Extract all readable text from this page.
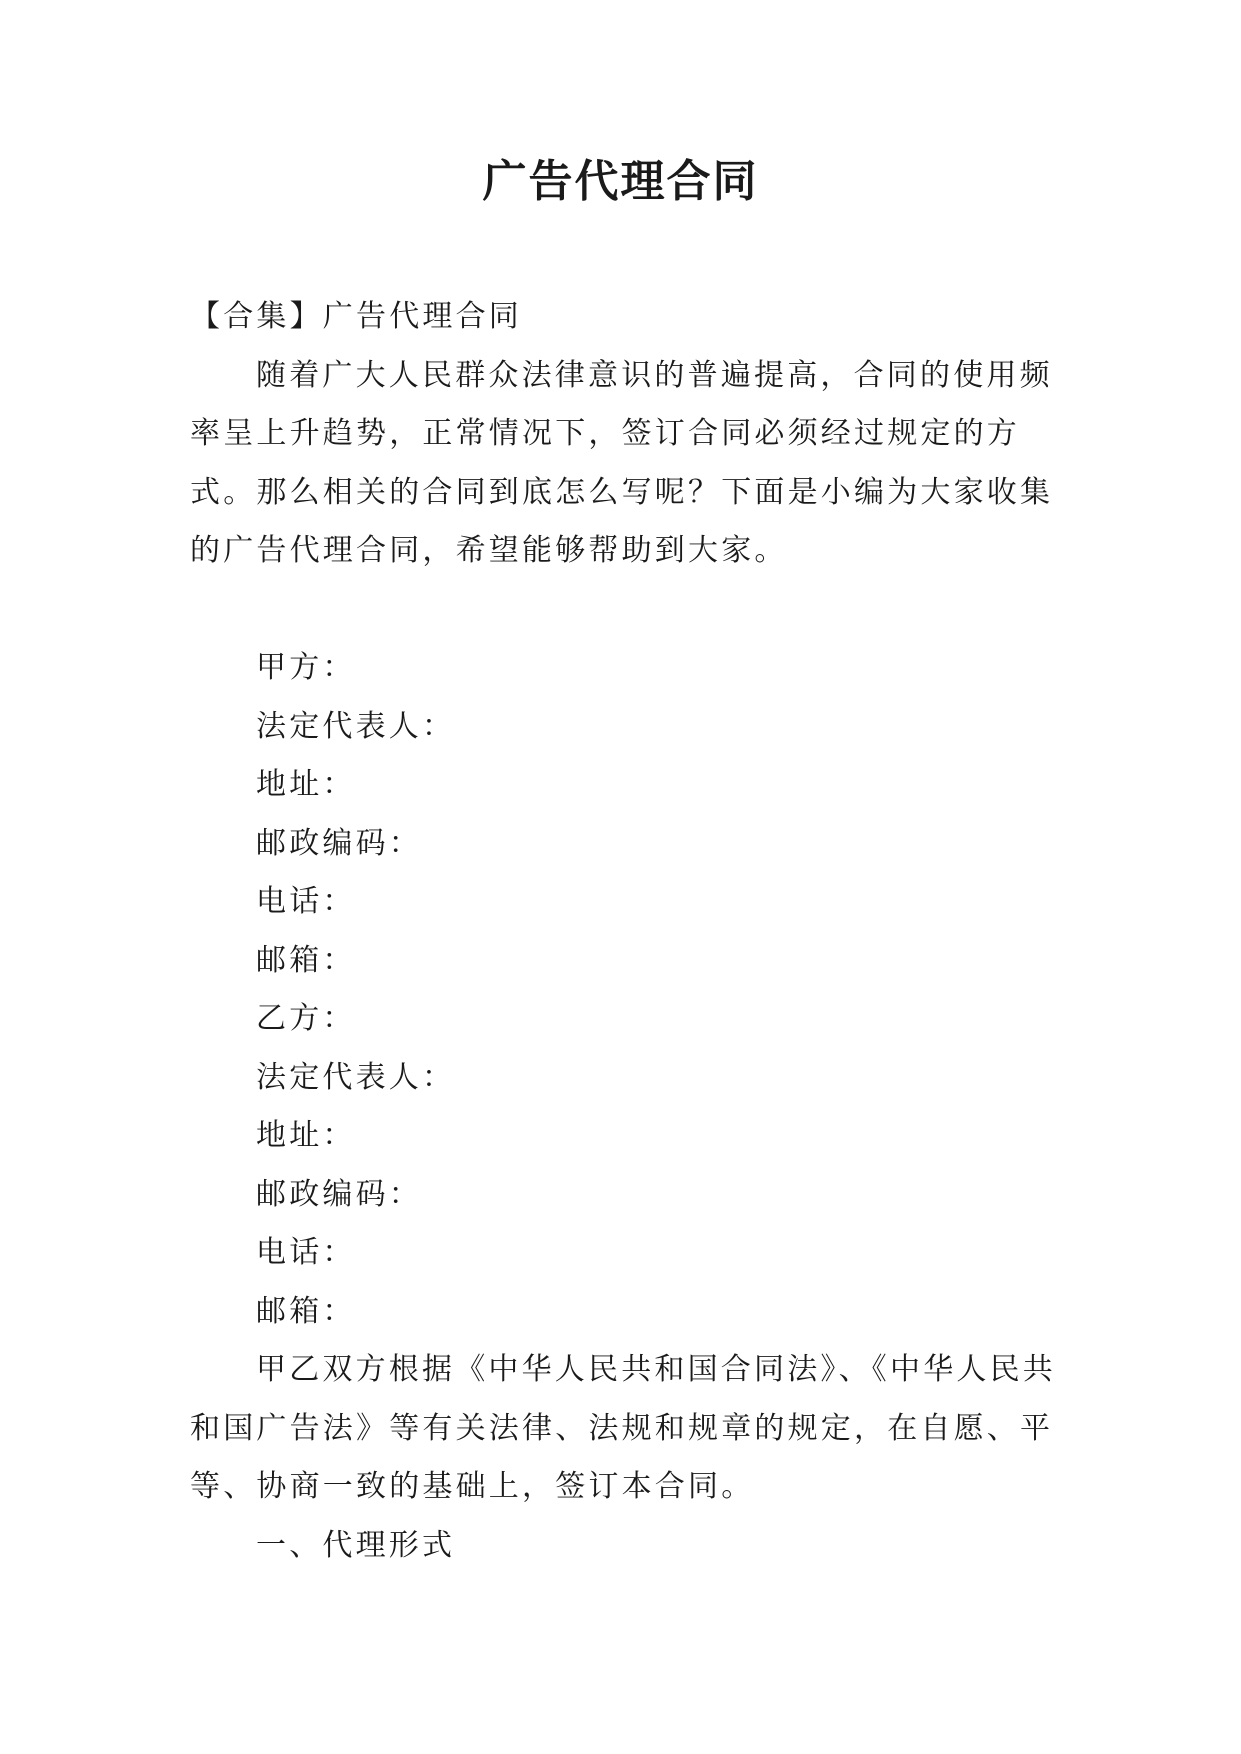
广告代理合同

【合集】广告代理合同

随着广大人民群众法律意识的普遍提高，合同的使用频率呈上升趋势，正常情况下，签订合同必须经过规定的方式。那么相关的合同到底怎么写呢？下面是小编为大家收集的广告代理合同，希望能够帮助到大家。

甲方：

法定代表人：

地址：

邮政编码：

电话：

邮箱：

乙方：

法定代表人：

地址：

邮政编码：

电话：

邮箱：

甲乙双方根据《中华人民共和国合同法》、《中华人民共和国广告法》等有关法律、法规和规章的规定，在自愿、平等、协商一致的基础上，签订本合同。

一、代理形式
